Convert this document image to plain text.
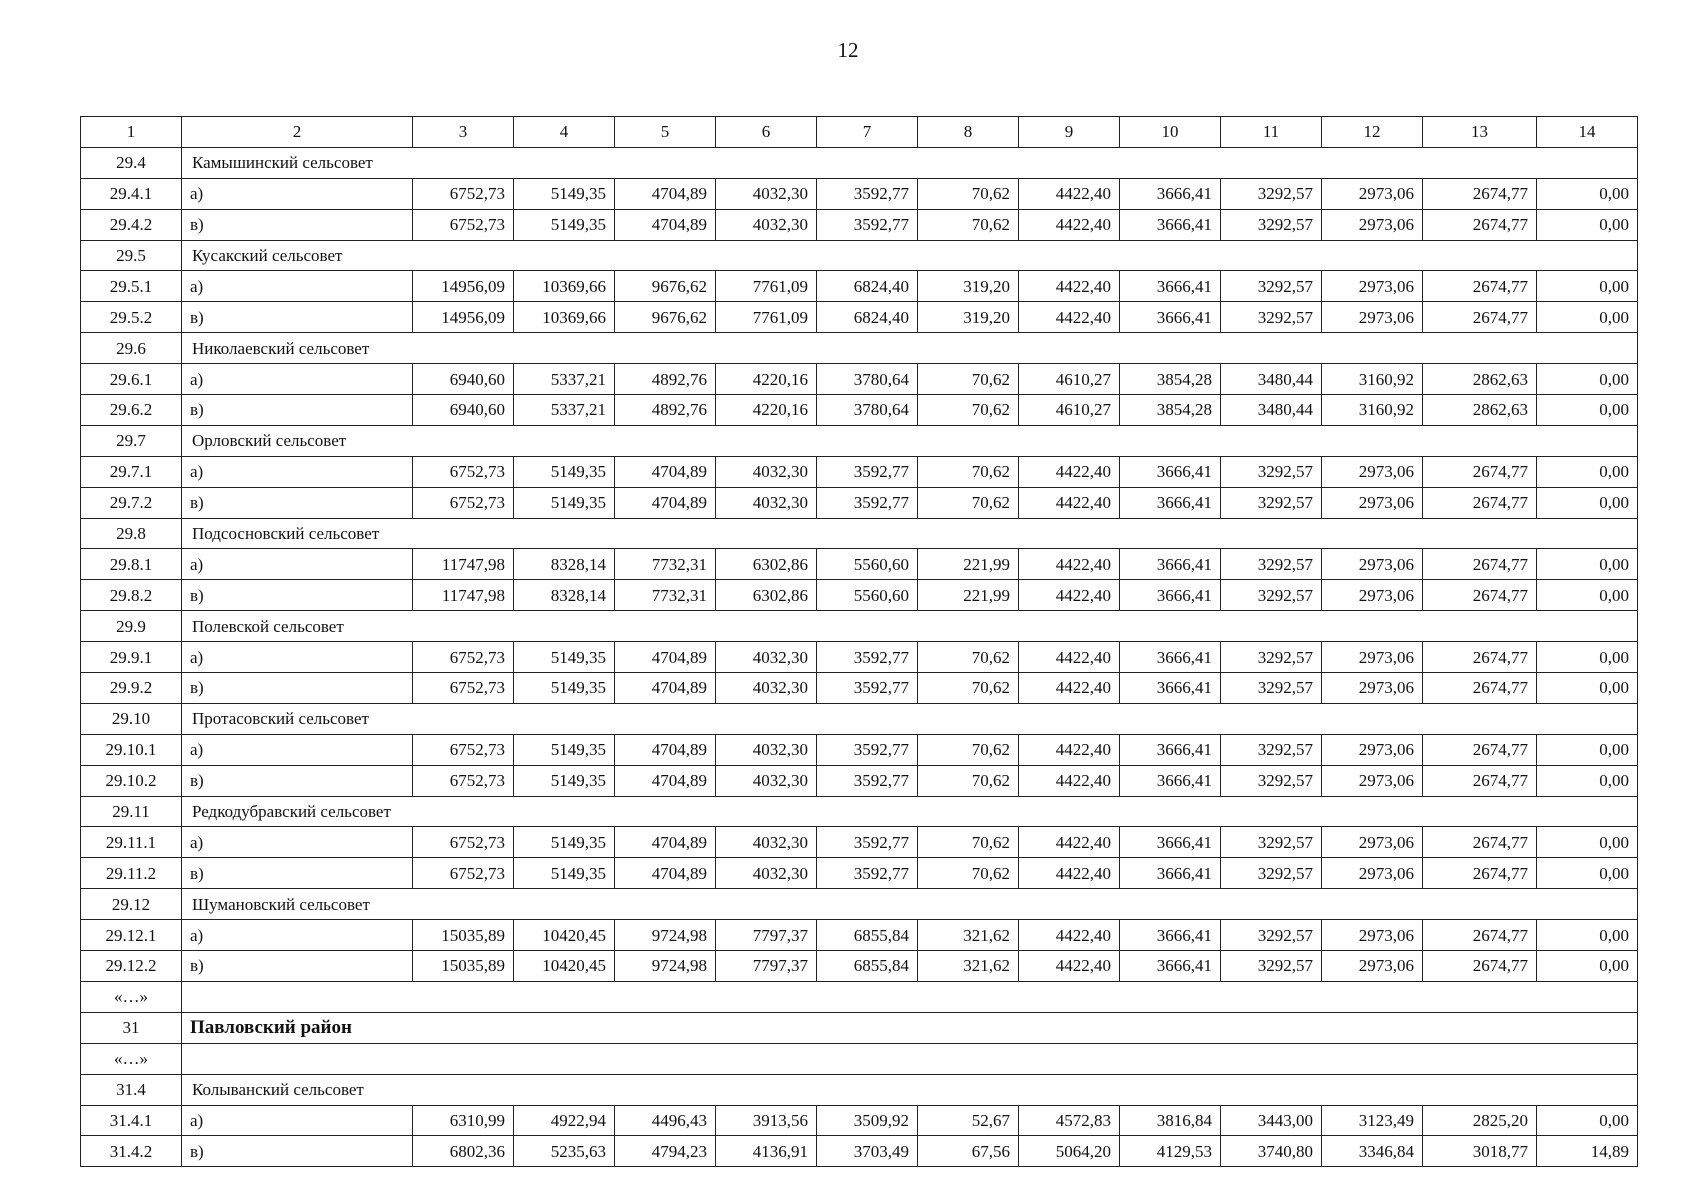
12
1	2	3	4	5	6	7	8	9	10	11	12	13	14
29.4	Камышинский сельсовет												
29.4.1	а)	6752,73	5149,35	4704,89	4032,30	3592,77	70,62	4422,40	3666,41	3292,57	2973,06	2674,77	0,00
29.4.2	в)	6752,73	5149,35	4704,89	4032,30	3592,77	70,62	4422,40	3666,41	3292,57	2973,06	2674,77	0,00
29.5	Кусакский сельсовет												
29.5.1	а)	14956,09	10369,66	9676,62	7761,09	6824,40	319,20	4422,40	3666,41	3292,57	2973,06	2674,77	0,00
29.5.2	в)	14956,09	10369,66	9676,62	7761,09	6824,40	319,20	4422,40	3666,41	3292,57	2973,06	2674,77	0,00
29.6	Николаевский сельсовет												
29.6.1	а)	6940,60	5337,21	4892,76	4220,16	3780,64	70,62	4610,27	3854,28	3480,44	3160,92	2862,63	0,00
29.6.2	в)	6940,60	5337,21	4892,76	4220,16	3780,64	70,62	4610,27	3854,28	3480,44	3160,92	2862,63	0,00
29.7	Орловский сельсовет												
29.7.1	а)	6752,73	5149,35	4704,89	4032,30	3592,77	70,62	4422,40	3666,41	3292,57	2973,06	2674,77	0,00
29.7.2	в)	6752,73	5149,35	4704,89	4032,30	3592,77	70,62	4422,40	3666,41	3292,57	2973,06	2674,77	0,00
29.8	Подсосновский сельсовет												
29.8.1	а)	11747,98	8328,14	7732,31	6302,86	5560,60	221,99	4422,40	3666,41	3292,57	2973,06	2674,77	0,00
29.8.2	в)	11747,98	8328,14	7732,31	6302,86	5560,60	221,99	4422,40	3666,41	3292,57	2973,06	2674,77	0,00
29.9	Полевской сельсовет												
29.9.1	а)	6752,73	5149,35	4704,89	4032,30	3592,77	70,62	4422,40	3666,41	3292,57	2973,06	2674,77	0,00
29.9.2	в)	6752,73	5149,35	4704,89	4032,30	3592,77	70,62	4422,40	3666,41	3292,57	2973,06	2674,77	0,00
29.10	Протасовский сельсовет												
29.10.1	а)	6752,73	5149,35	4704,89	4032,30	3592,77	70,62	4422,40	3666,41	3292,57	2973,06	2674,77	0,00
29.10.2	в)	6752,73	5149,35	4704,89	4032,30	3592,77	70,62	4422,40	3666,41	3292,57	2973,06	2674,77	0,00
29.11	Редкодубравский сельсовет												
29.11.1	а)	6752,73	5149,35	4704,89	4032,30	3592,77	70,62	4422,40	3666,41	3292,57	2973,06	2674,77	0,00
29.11.2	в)	6752,73	5149,35	4704,89	4032,30	3592,77	70,62	4422,40	3666,41	3292,57	2973,06	2674,77	0,00
29.12	Шумановский сельсовет												
29.12.1	а)	15035,89	10420,45	9724,98	7797,37	6855,84	321,62	4422,40	3666,41	3292,57	2973,06	2674,77	0,00
29.12.2	в)	15035,89	10420,45	9724,98	7797,37	6855,84	321,62	4422,40	3666,41	3292,57	2973,06	2674,77	0,00
«…»													
31	Павловский район												
«…»													
31.4	Колыванский сельсовет												
31.4.1	а)	6310,99	4922,94	4496,43	3913,56	3509,92	52,67	4572,83	3816,84	3443,00	3123,49	2825,20	0,00
31.4.2	в)	6802,36	5235,63	4794,23	4136,91	3703,49	67,56	5064,20	4129,53	3740,80	3346,84	3018,77	14,89
